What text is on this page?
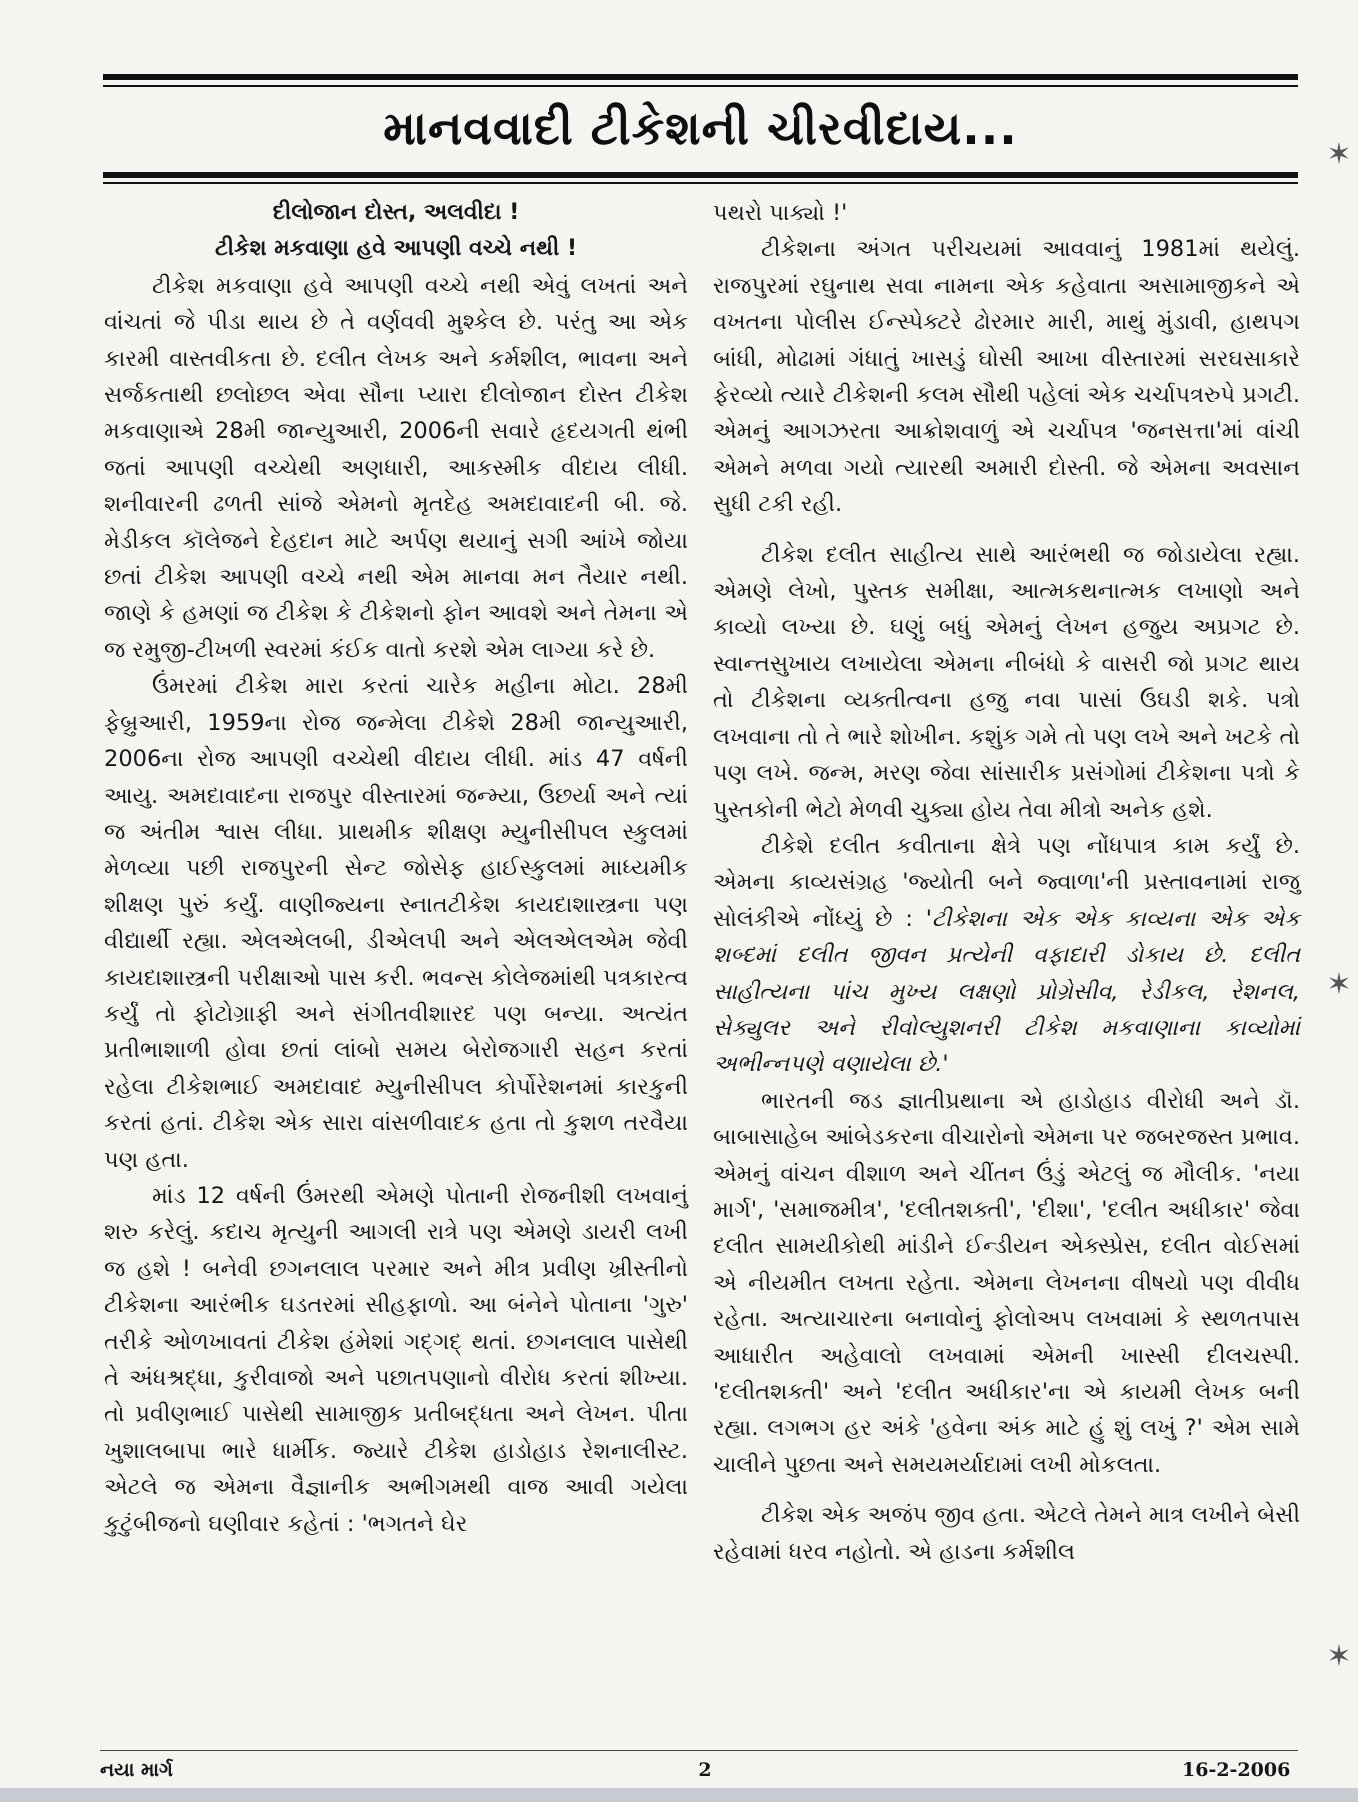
માનવવાદી ટીકેશની ચીરવીદાય...

દીલોજાન દોસ્ત, અલવીદા !

ટીકેશ મકવાણા હવે આપણી વચ્ચે નથી !

ટીકેશ મકવાણા હવે આપણી વચ્ચે નથી એવું લખતાં અને વાંચતાં જે પીડા થાય છે તે વર્ણવવી મુશ્કેલ છે. પરંતુ આ એક કારમી વાસ્તવીકતા છે. દલીત લેખક અને કર્મશીલ, ભાવના અને સર્જકતાથી છલોછલ એવા સૌના પ્યારા દીલોજાન દોસ્ત ટીકેશ મકવાણાએ 28મી જાન્યુઆરી, 2006ની સવારે હૃદયગતી થંભી જતાં આપણી વચ્ચેથી અણધારી, આકસ્મીક વીદાય લીધી. શનીવારની ઢળતી સાંજે એમનો મૃતદેહ અમદાવાદની બી. જે. મેડીકલ કૉલેજને દેહદાન માટે અર્પણ થયાનું સગી આંખે જોયા છતાં ટીકેશ આપણી વચ્ચે નથી એમ માનવા મન તૈયાર નથી. જાણે કે હમણાં જ ટીકેશ કે ટીકેશનો ફોન આવશે અને તેમના એ જ રમુજી-ટીખળી સ્વરમાં કંઈક વાતો કરશે એમ લાગ્યા કરે છે.

ઉંમરમાં ટીકેશ મારા કરતાં ચારેક મહીના મોટા. 28મી ફેબ્રુઆરી, 1959ના રોજ જન્મેલા ટીકેશે 28મી જાન્યુઆરી, 2006ના રોજ આપણી વચ્ચેથી વીદાય લીધી. માંડ 47 વર્ષની આયુ. અમદાવાદના રાજપુર વીસ્તારમાં જન્મ્યા, ઉછર્યા અને ત્યાં જ અંતીમ શ્વાસ લીધા. પ્રાથમીક શીક્ષણ મ્યુનીસીપલ સ્કુલમાં મેળવ્યા પછી રાજપુરની સેન્ટ જોસેફ હાઈસ્કુલમાં માધ્યમીક શીક્ષણ પુરું કર્યું. વાણીજ્યના સ્નાતટીકેશ કાયદાશાસ્ત્રના પણ વીદ્યાર્થી રહ્યા. એલએલબી, ડીએલપી અને એલએલએમ જેવી કાયદાશાસ્ત્રની પરીક્ષાઓ પાસ કરી. ભવન્સ કોલેજમાંથી પત્રકારત્વ કર્યું તો ફોટોગ્રાફી અને સંગીતવીશારદ પણ બન્યા. અત્યંત પ્રતીભાશાળી હોવા છતાં લાંબો સમય બેરોજગારી સહન કરતાં રહેલા ટીકેશભાઈ અમદાવાદ મ્યુનીસીપલ કોર્પોરેશનમાં કારકુની કરતાં હતાં. ટીકેશ એક સારા વાંસળીવાદક હતા તો કુશળ તરવૈયા પણ હતા.

માંડ 12 વર્ષની ઉંમરથી એમણે પોતાની રોજનીશી લખવાનું શરુ કરેલું. કદાચ મૃત્યુની આગલી રાત્રે પણ એમણે ડાયરી લખી જ હશે ! બનેવી છગનલાલ પરમાર અને મીત્ર પ્રવીણ ખ્રીસ્તીનો ટીકેશના આરંભીક ઘડતરમાં સીહફાળો. આ બંનેને પોતાના 'ગુરુ' તરીકે ઓળખાવતાં ટીકેશ હંમેશાં ગદ્ગદ્ થતાં. છગનલાલ પાસેથી તે અંધશ્રદ્ધા, કુરીવાજો અને પછાતપણાનો વીરોધ કરતાં શીખ્યા. તો પ્રવીણભાઈ પાસેથી સામાજીક પ્રતીબદ્ધતા અને લેખન. પીતા ખુશાલબાપા ભારે ધાર્મીક. જ્યારે ટીકેશ હાડોહાડ રેશનાલીસ્ટ. એટલે જ એમના વૈજ્ઞાનીક અભીગમથી વાજ આવી ગયેલા કુટુંબીજનો ઘણીવાર કહેતાં : 'ભગતને ઘેર

પથરો પાક્યો !'

ટીકેશના અંગત પરીચયમાં આવવાનું 1981માં થયેલું. રાજપુરમાં રઘુનાથ સવા નામના એક કહેવાતા અસામાજીકને એ વખતના પોલીસ ઈન્સ્પેક્ટરે ઢોરમાર મારી, માથું મુંડાવી, હાથપગ બાંધી, મોઢામાં ગંધાતું ખાસડું ઘોસી આખા વીસ્તારમાં સરઘસાકારે ફેરવ્યો ત્યારે ટીકેશની કલમ સૌથી પહેલાં એક ચર્ચાપત્રરુપે પ્રગટી. એમનું આગઝરતા આક્રોશવાળું એ ચર્ચાપત્ર 'જનસત્તા'માં વાંચી એમને મળવા ગયો ત્યારથી અમારી દોસ્તી. જે એમના અવસાન સુધી ટકી રહી.

ટીકેશ દલીત સાહીત્ય સાથે આરંભથી જ જોડાયેલા રહ્યા. એમણે લેખો, પુસ્તક સમીક્ષા, આત્મકથનાત્મક લખાણો અને કાવ્યો લખ્યા છે. ઘણું બધું એમનું લેખન હજુય અપ્રગટ છે. સ્વાન્તસુખાય લખાયેલા એમના નીબંધો કે વાસરી જો પ્રગટ થાય તો ટીકેશના વ્યક્તીત્વના હજુ નવા પાસાં ઉઘડી શકે. પત્રો લખવાના તો તે ભારે શોખીન. કશુંક ગમે તો પણ લખે અને ખટકે તો પણ લખે. જન્મ, મરણ જેવા સાંસારીક પ્રસંગોમાં ટીકેશના પત્રો કે પુસ્તકોની ભેટો મેળવી ચુક્યા હોય તેવા મીત્રો અનેક હશે.

ટીકેશે દલીત કવીતાના ક્ષેત્રે પણ નોંધપાત્ર કામ કર્યું છે. એમના કાવ્યસંગ્રહ 'જ્યોતી બને જ્વાળા'ની પ્રસ્તાવનામાં રાજુ સોલંકીએ નોંધ્યું છે : 'ટીકેશના એક એક કાવ્યના એક એક શબ્દમાં દલીત જીવન પ્રત્યેની વફાદારી ડોકાય છે. દલીત સાહીત્યના પાંચ મુખ્ય લક્ષણો પ્રોગ્રેસીવ, રેડીકલ, રેશનલ, સેક્યુલર અને રીવોલ્યુશનરી ટીકેશ મકવાણાના કાવ્યોમાં અભીન્નપણે વણાયેલા છે.'

ભારતની જડ જ્ઞાતીપ્રથાના એ હાડોહાડ વીરોધી અને ડૉ. બાબાસાહેબ આંબેડકરના વીચારોનો એમના પર જબરજસ્ત પ્રભાવ. એમનું વાંચન વીશાળ અને ચીંતન ઉંડું એટલું જ મૌલીક. 'નયા માર્ગ', 'સમાજમીત્ર', 'દલીતશક્તી', 'દીશા', 'દલીત અધીકાર' જેવા દલીત સામયીકોથી માંડીને ઈન્ડીયન એક્સ્પ્રેસ, દલીત વોઈસમાં એ નીયમીત લખતા રહેતા. એમના લેખનના વીષયો પણ વીવીધ રહેતા. અત્યાચારના બનાવોનું ફોલોઅપ લખવામાં કે સ્થળતપાસ આધારીત અહેવાલો લખવામાં એમની ખાસ્સી દીલચસ્પી. 'દલીતશક્તી' અને 'દલીત અધીકાર'ના એ કાયમી લેખક બની રહ્યા. લગભગ હર અંકે 'હવેના અંક માટે હું શું લખું ?' એમ સામે ચાલીને પુછતા અને સમયમર્યાદામાં લખી મોકલતા.

ટીકેશ એક અજંપ જીવ હતા. એટલે તેમને માત્ર લખીને બેસી રહેવામાં ધરવ નહોતો. એ હાડના કર્મશીલ

નયા માર્ગ	2	16-2-2006
✶
✶
✶
